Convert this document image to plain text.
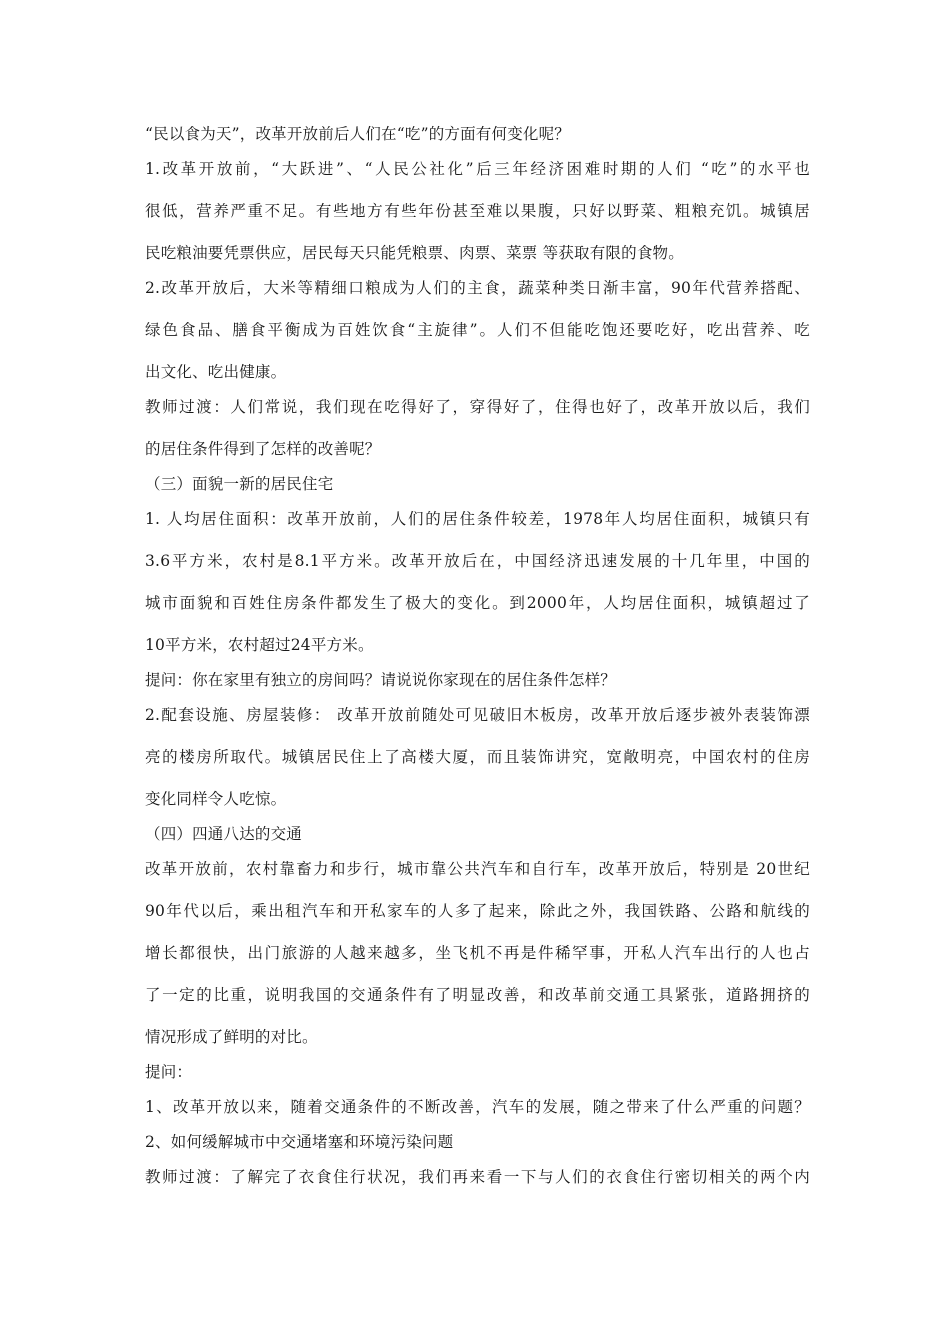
“民以食为天”，改革开放前后人们在“吃”的方面有何变化呢？
1.改革开放前，“大跃进”、“人民公社化”后三年经济困难时期的人们 “吃”的水平也
很低，营养严重不足。有些地方有些年份甚至难以果腹，只好以野菜、粗粮充饥。城镇居
民吃粮油要凭票供应，居民每天只能凭粮票、肉票、菜票 等获取有限的食物。
2.改革开放后，大米等精细口粮成为人们的主食，蔬菜种类日渐丰富，90年代营养搭配、
绿色食品、膳食平衡成为百姓饮食“主旋律”。人们不但能吃饱还要吃好，吃出营养、吃
出文化、吃出健康。
教师过渡：人们常说，我们现在吃得好了，穿得好了，住得也好了，改革开放以后，我们
的居住条件得到了怎样的改善呢？
（三）面貌一新的居民住宅
1. 人均居住面积：改革开放前，人们的居住条件较差，1978年人均居住面积，城镇只有
3.6平方米，农村是8.1平方米。改革开放后在，中国经济迅速发展的十几年里，中国的
城市面貌和百姓住房条件都发生了极大的变化。到2000年，人均居住面积，城镇超过了
10平方米，农村超过24平方米。
提问：你在家里有独立的房间吗？请说说你家现在的居住条件怎样？
2.配套设施、房屋装修： 改革开放前随处可见破旧木板房，改革开放后逐步被外表装饰漂
亮的楼房所取代。城镇居民住上了高楼大厦，而且装饰讲究，宽敞明亮，中国农村的住房
变化同样令人吃惊。
（四）四通八达的交通
改革开放前，农村靠畜力和步行，城市靠公共汽车和自行车，改革开放后，特别是 20世纪
90年代以后，乘出租汽车和开私家车的人多了起来，除此之外，我国铁路、公路和航线的
增长都很快，出门旅游的人越来越多，坐飞机不再是件稀罕事，开私人汽车出行的人也占
了一定的比重，说明我国的交通条件有了明显改善，和改革前交通工具紧张，道路拥挤的
情况形成了鲜明的对比。
提问：
1、改革开放以来，随着交通条件的不断改善，汽车的发展，随之带来了什么严重的问题？
2、如何缓解城市中交通堵塞和环境污染问题
教师过渡：了解完了衣食住行状况，我们再来看一下与人们的衣食住行密切相关的两个内
